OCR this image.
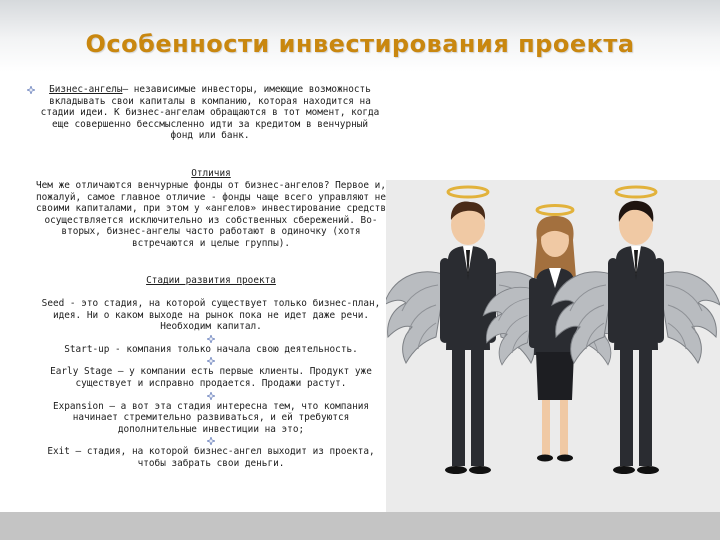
Особенности инвестирования проекта
Бизнес-ангелы— независимые инвесторы, имеющие возможность вкладывать свои капиталы в компанию, которая находится на стадии идеи. К бизнес-ангелам обращаются в тот момент, когда еще совершенно бессмысленно идти за кредитом в венчурный фонд или банк.
Отличия
Чем же отличаются венчурные фонды от бизнес-ангелов? Первое и, пожалуй, самое главное отличие - фонды чаще всего управляют не своими капиталами, при этом у «ангелов» инвестирование средств осуществляется исключительно из собственных сбережений. Во-вторых, бизнес-ангелы часто работают в одиночку (хотя встречаются и целые группы).
Стадии развития проекта

Seed - это стадия, на которой существует только бизнес-план, идея. Ни о каком выходе на рынок пока не идет даже речи. Необходим капитал.

Start-up - компания только начала свою деятельность.

Early Stage – у компании есть первые клиенты. Продукт уже существует и исправно продается. Продажи растут.

Expansion – а вот эта стадия интересна тем, что компания начинает стремительно развиваться, и ей требуются дополнительные инвестиции на это;

Exit – стадия, на которой бизнес-ангел выходит из проекта, чтобы забрать свои деньги.
